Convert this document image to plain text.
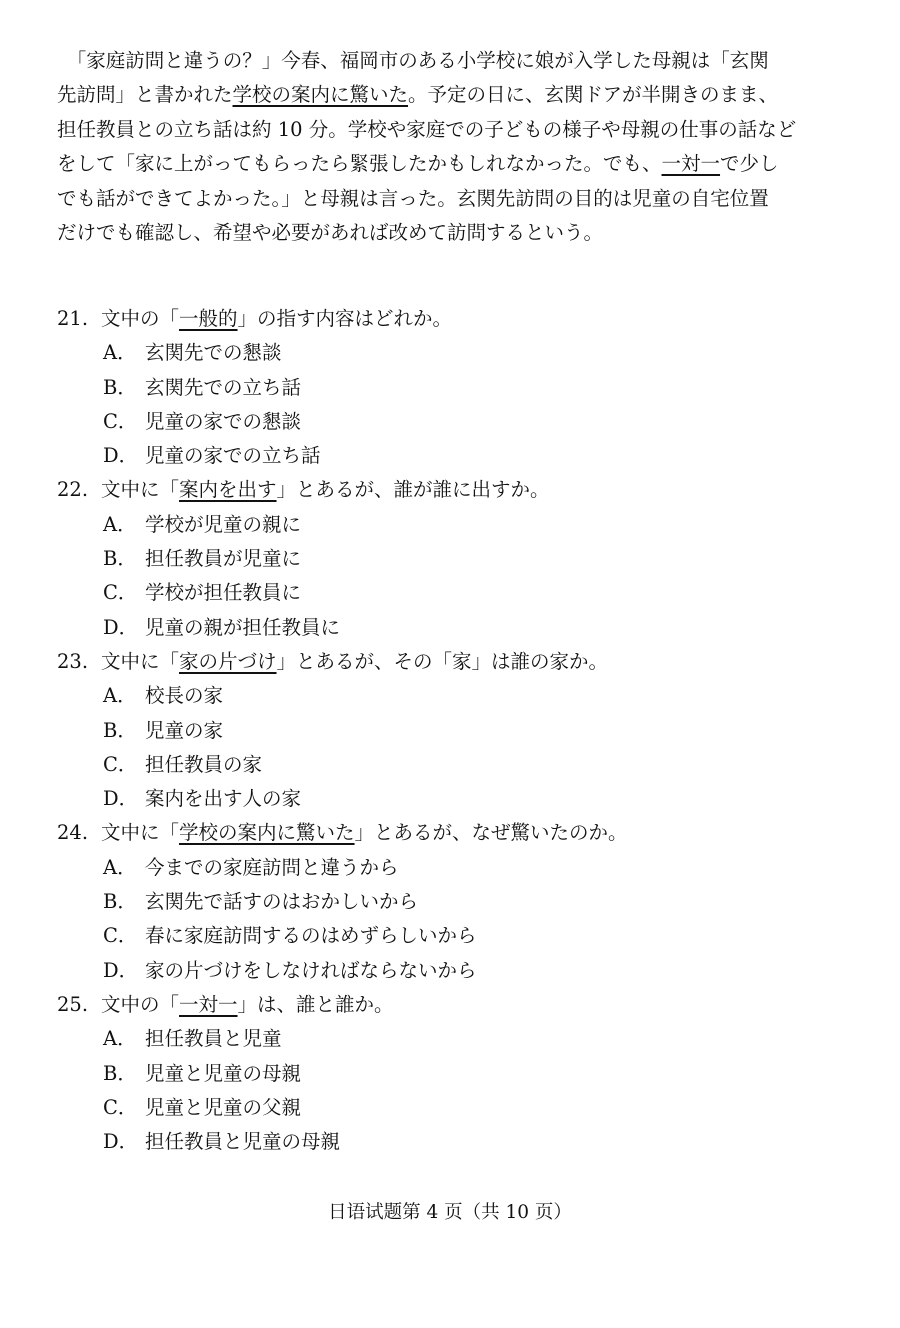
　「家庭訪問と違うの？」今春、福岡市のある小学校に娘が入学した母親は「玄関
先訪問」と書かれた学校の案内に驚いた。予定の日に、玄関ドアが半開きのまま、
担任教員との立ち話は約 10 分。学校や家庭での子どもの様子や母親の仕事の話など
をして「家に上がってもらったら緊張したかもしれなかった。でも、一対一で少し
でも話ができてよかった。」と母親は言った。玄関先訪問の目的は児童の自宅位置
だけでも確認し、希望や必要があれば改めて訪問するという。
21. 文中の「一般的」の指す内容はどれか。
A． 玄関先での懇談
B． 玄関先での立ち話
C． 児童の家での懇談
D． 児童の家での立ち話
22. 文中に「案内を出す」とあるが、誰が誰に出すか。
A． 学校が児童の親に
B． 担任教員が児童に
C． 学校が担任教員に
D． 児童の親が担任教員に
23. 文中に「家の片づけ」とあるが、その「家」は誰の家か。
A． 校長の家
B． 児童の家
C． 担任教員の家
D． 案内を出す人の家
24. 文中に「学校の案内に驚いた」とあるが、なぜ驚いたのか。
A． 今までの家庭訪問と違うから
B． 玄関先で話すのはおかしいから
C． 春に家庭訪問するのはめずらしいから
D． 家の片づけをしなければならないから
25. 文中の「一対一」は、誰と誰か。
A． 担任教員と児童
B． 児童と児童の母親
C． 児童と児童の父親
D． 担任教員と児童の母親
日语试题第 4 页（共 10 页）
